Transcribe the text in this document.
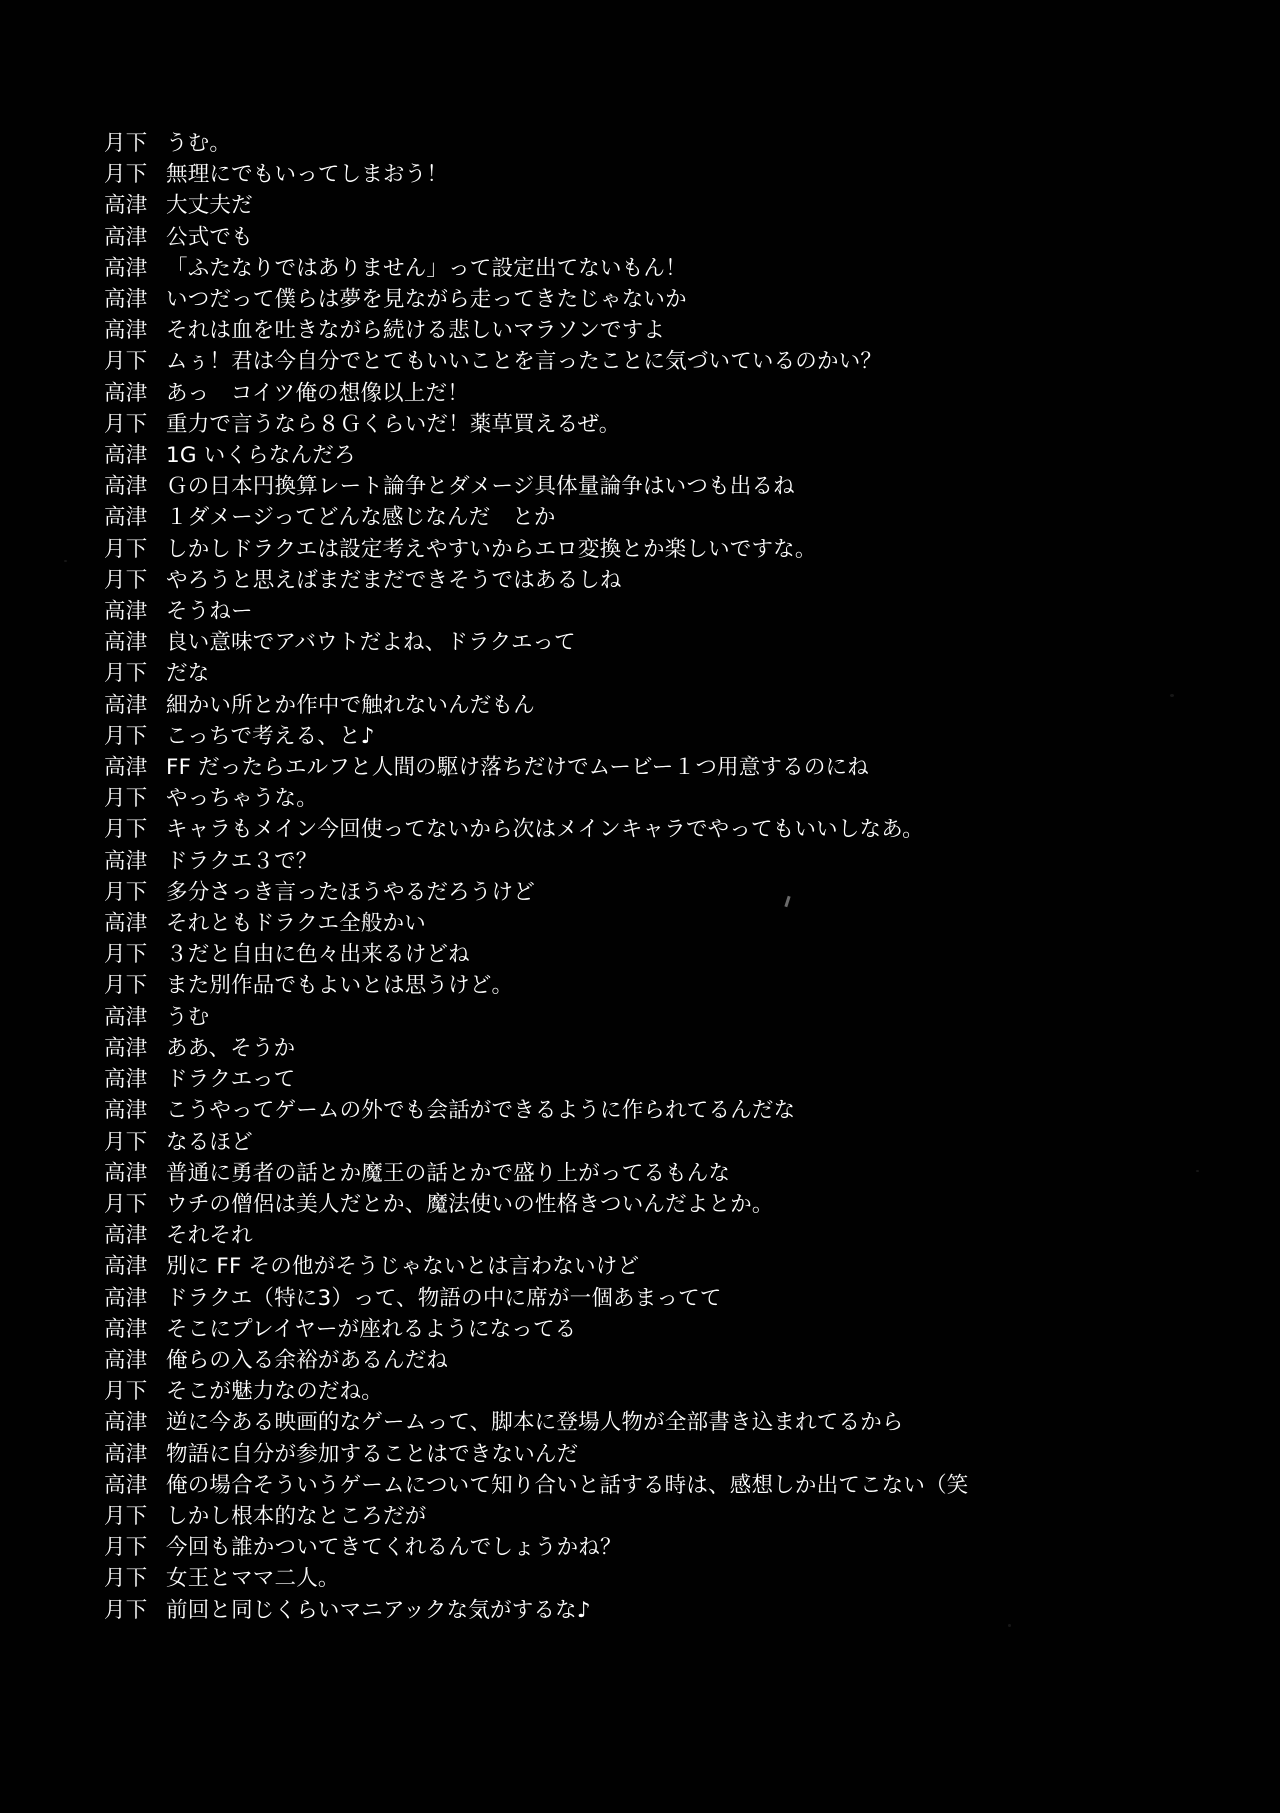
月下 うむ。
月下 無理にでもいってしまおう！
高津 大丈夫だ
高津 公式でも
高津 「ふたなりではありません」って設定出てないもん！
高津 いつだって僕らは夢を見ながら走ってきたじゃないか
高津 それは血を吐きながら続ける悲しいマラソンですよ
月下 ムぅ！君は今自分でとてもいいことを言ったことに気づいているのかい？
高津 あっ　コイツ俺の想像以上だ！
月下 重力で言うなら８Ｇくらいだ！薬草買えるぜ。
高津 1G いくらなんだろ
高津 Ｇの日本円換算レート論争とダメージ具体量論争はいつも出るね
高津 １ダメージってどんな感じなんだ　とか
月下 しかしドラクエは設定考えやすいからエロ変換とか楽しいですな。
月下 やろうと思えばまだまだできそうではあるしね
高津 そうねー
高津 良い意味でアバウトだよね、ドラクエって
月下 だな
高津 細かい所とか作中で触れないんだもん
月下 こっちで考える、と♪
高津 FF だったらエルフと人間の駆け落ちだけでムービー１つ用意するのにね
月下 やっちゃうな。
月下 キャラもメイン今回使ってないから次はメインキャラでやってもいいしなあ。
高津 ドラクエ３で？
月下 多分さっき言ったほうやるだろうけど
高津 それともドラクエ全般かい
月下 ３だと自由に色々出来るけどね
月下 また別作品でもよいとは思うけど。
高津 うむ
高津 ああ、そうか
高津 ドラクエって
高津 こうやってゲームの外でも会話ができるように作られてるんだな
月下 なるほど
高津 普通に勇者の話とか魔王の話とかで盛り上がってるもんな
月下 ウチの僧侶は美人だとか、魔法使いの性格きついんだよとか。
高津 それそれ
高津 別に FF その他がそうじゃないとは言わないけど
高津 ドラクエ（特に3）って、物語の中に席が一個あまってて
高津 そこにプレイヤーが座れるようになってる
高津 俺らの入る余裕があるんだね
月下 そこが魅力なのだね。
高津 逆に今ある映画的なゲームって、脚本に登場人物が全部書き込まれてるから
高津 物語に自分が参加することはできないんだ
高津 俺の場合そういうゲームについて知り合いと話する時は、感想しか出てこない（笑
月下 しかし根本的なところだが
月下 今回も誰かついてきてくれるんでしょうかね？
月下 女王とママ二人。
月下 前回と同じくらいマニアックな気がするな♪
